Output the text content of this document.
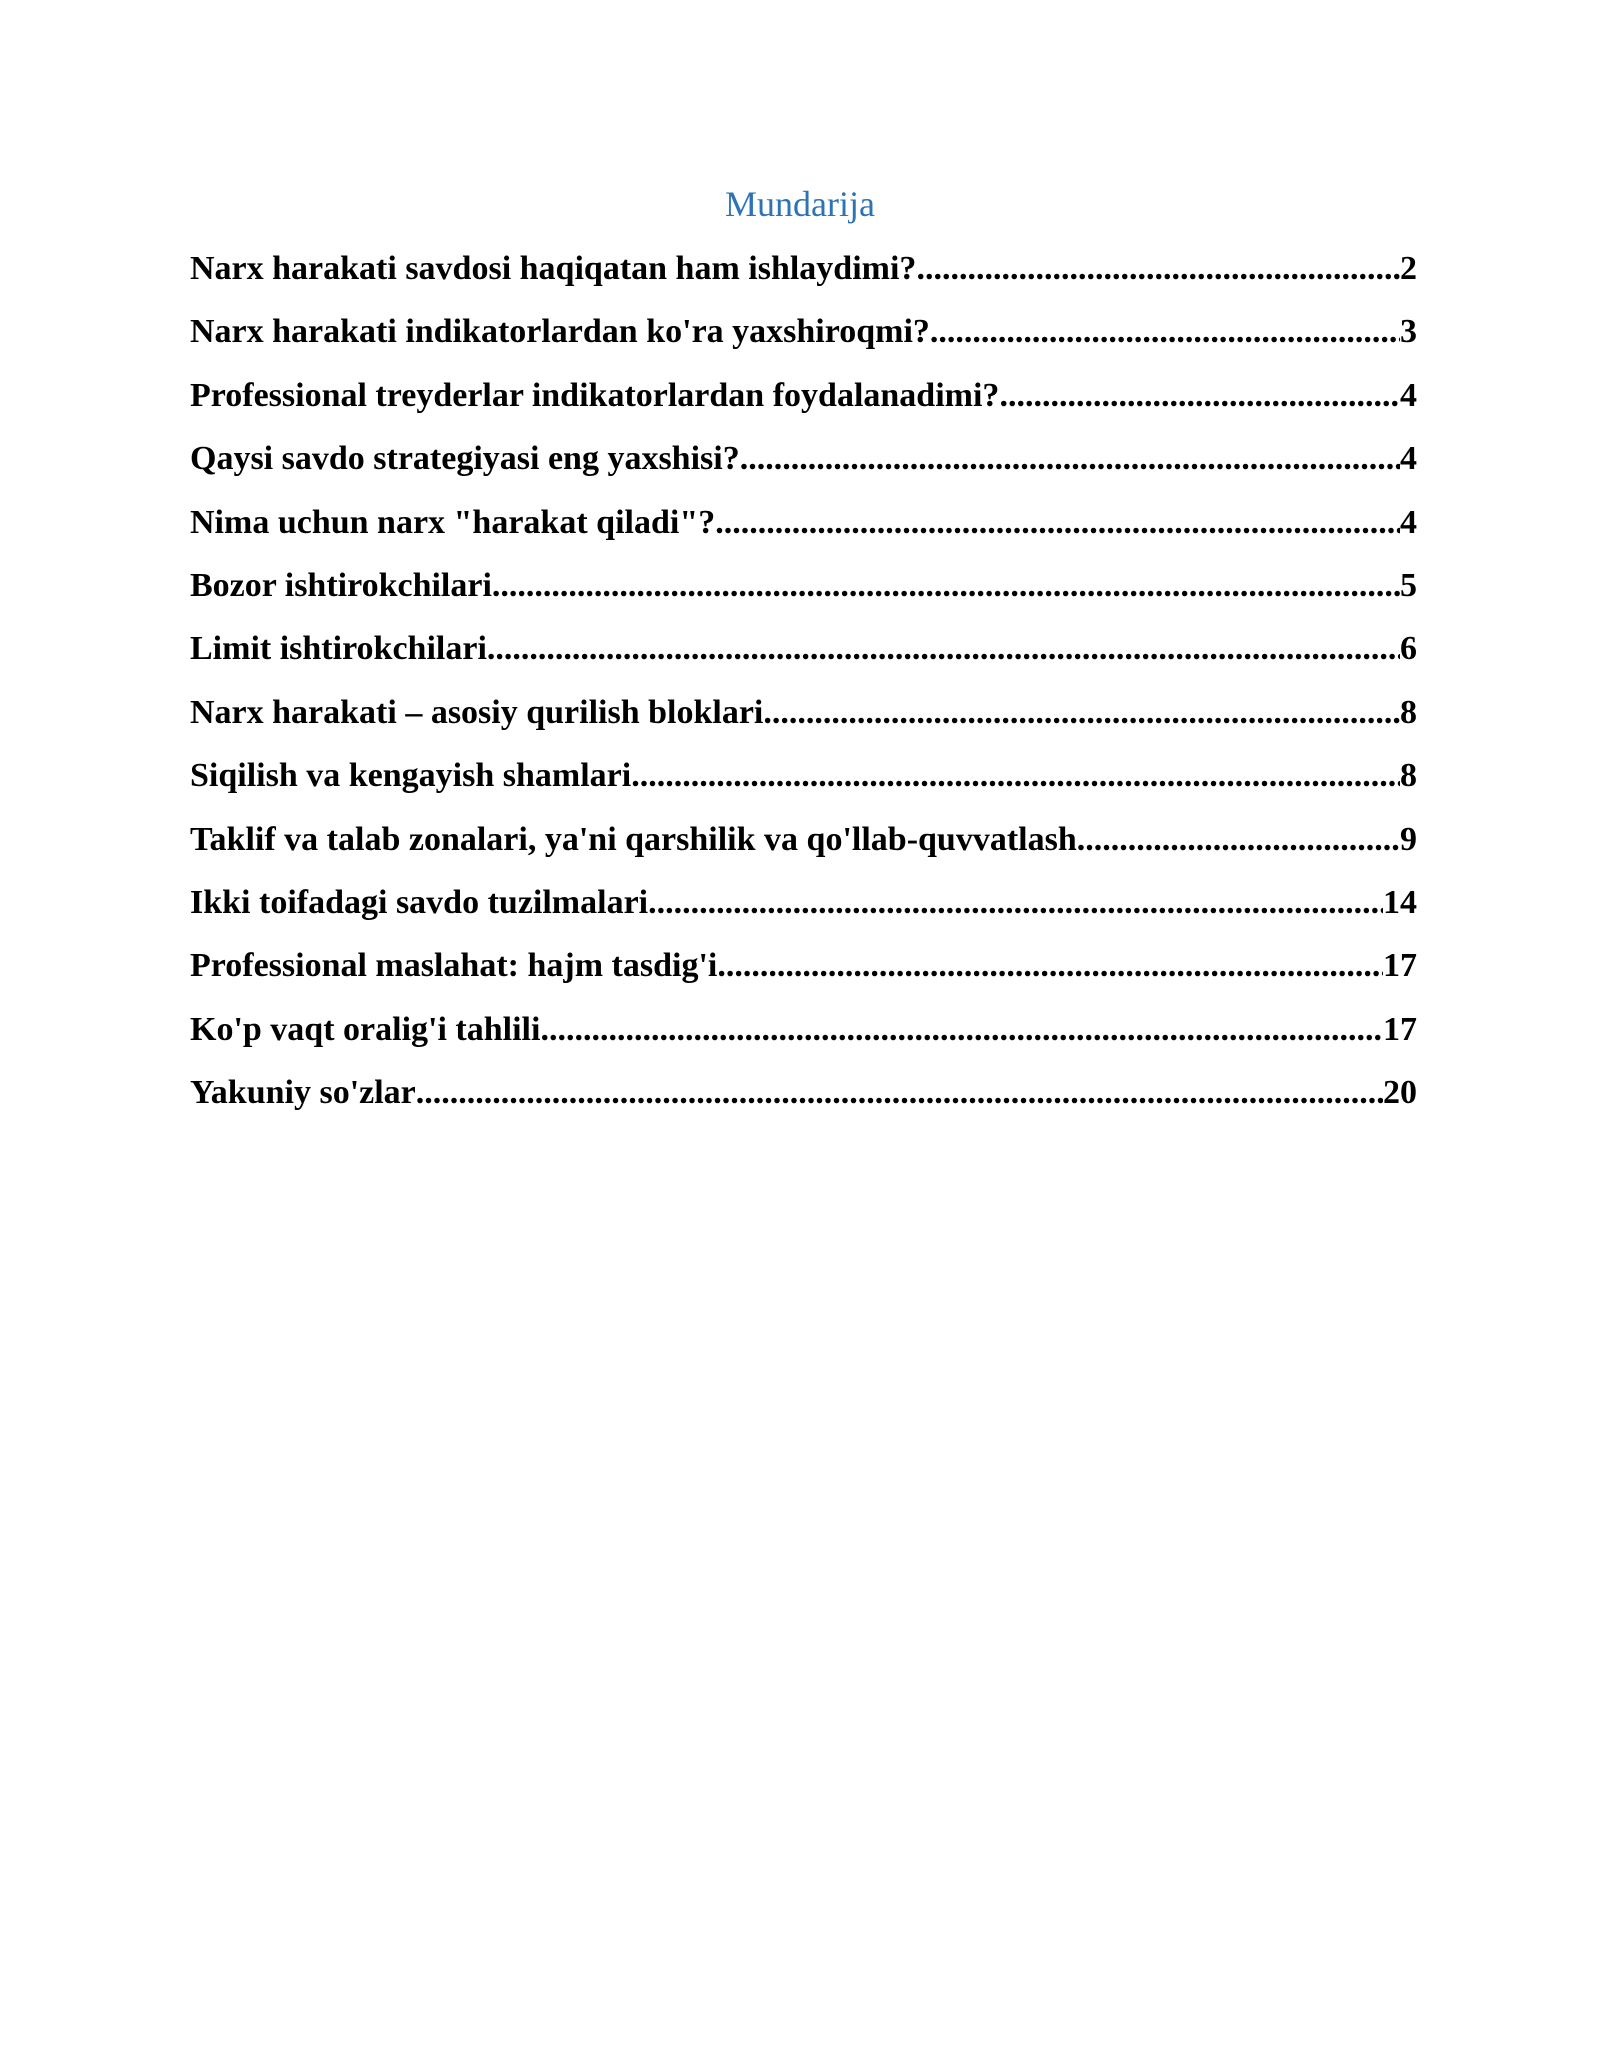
Mundarija
Narx harakati savdosi haqiqatan ham ishlaydimi? .....	2
Narx harakati indikatorlardan ko'ra yaxshiroqmi? .....	3
Professional treyderlar indikatorlardan foydalanadimi? .....	4
Qaysi savdo strategiyasi eng yaxshisi? .....	4
Nima uchun narx "harakat qiladi"? .....	4
Bozor ishtirokchilari .....	5
Limit ishtirokchilari .....	6
Narx harakati – asosiy qurilish bloklari .....	8
Siqilish va kengayish shamlari .....	8
Taklif va talab zonalari, ya'ni qarshilik va qo'llab-quvvatlash .....	9
Ikki toifadagi savdo tuzilmalari .....	14
Professional maslahat: hajm tasdig'i .....	17
Ko'p vaqt oralig'i tahlili .....	17
Yakuniy so'zlar .....	20
